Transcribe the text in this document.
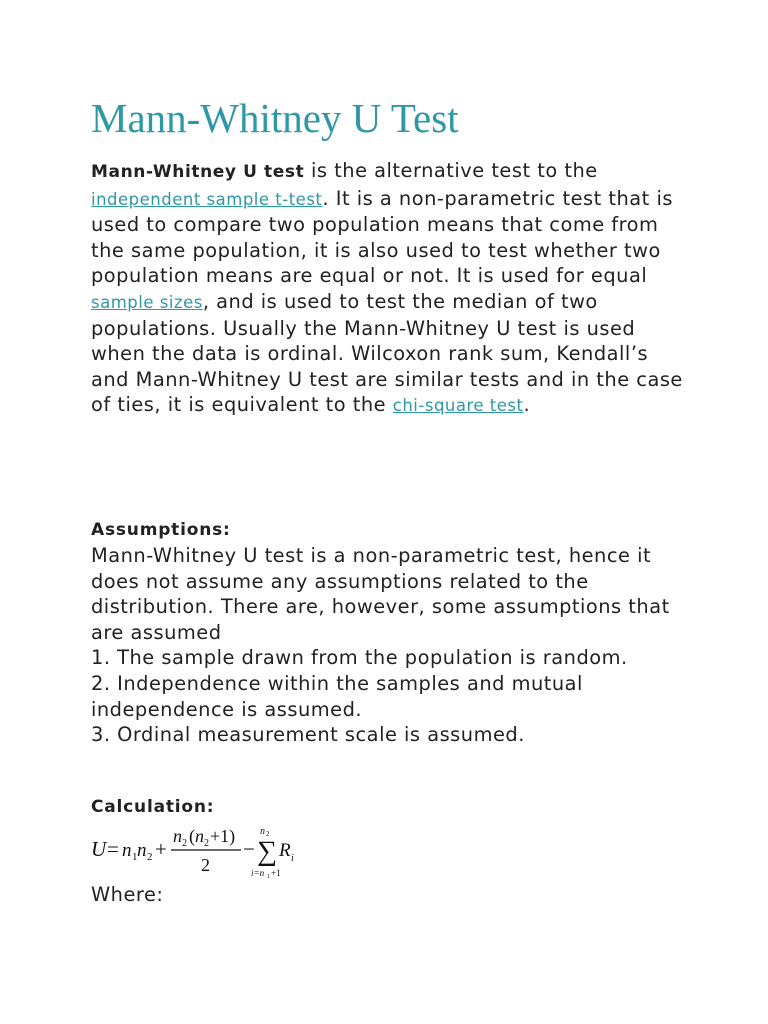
Mann-Whitney U Test

Mann-Whitney U test is the alternative test to the independent sample t-test. It is a non-parametric test that is used to compare two population means that come from the same population, it is also used to test whether two population means are equal or not. It is used for equal sample sizes, and is used to test the median of two populations. Usually the Mann-Whitney U test is used when the data is ordinal. Wilcoxon rank sum, Kendall’s and Mann-Whitney U test are similar tests and in the case of ties, it is equivalent to the chi-square test.

Assumptions:

Mann-Whitney U test is a non-parametric test, hence it does not assume any assumptions related to the distribution. There are, however, some assumptions that are assumed

1. The sample drawn from the population is random.

2. Independence within the samples and mutual independence is assumed.

3. Ordinal measurement scale is assumed.

Calculation:
U = n 1 n 2 +
n 2 ( n 2 +1)
2
−
n 2
∑
i=n 1 +1
R i

Where:
